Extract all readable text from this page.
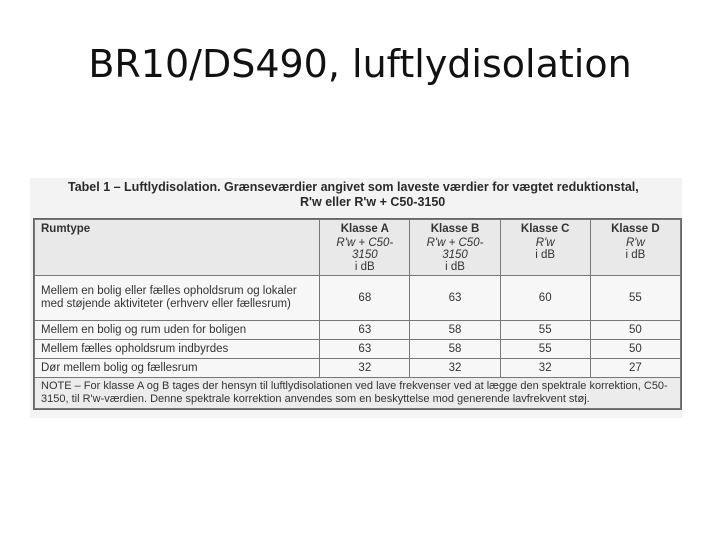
BR10/DS490, luftlydisolation
Tabel 1 – Luftlydisolation. Grænseværdier angivet som laveste værdier for vægtet reduktionstal,
R'w eller R'w + C50-3150
Rumtype	Klasse A
R'w + C50-3150
i dB	Klasse B
R'w + C50-3150
i dB	Klasse C
R'w
i dB	Klasse D
R'w
i dB

Mellem en bolig eller fælles opholdsrum og lokaler med støjende aktiviteter (erhverv eller fællesrum)	68	63	60	55
Mellem en bolig og rum uden for boligen	63	58	55	50
Mellem fælles opholdsrum indbyrdes	63	58	55	50
Dør mellem bolig og fællesrum	32	32	32	27
NOTE – For klasse A og B tages der hensyn til luftlydisolationen ved lave frekvenser ved at lægge den spektrale korrektion, C50-3150, til R'w-værdien. Denne spektrale korrektion anvendes som en beskyttelse mod generende lavfrekvent støj.				
